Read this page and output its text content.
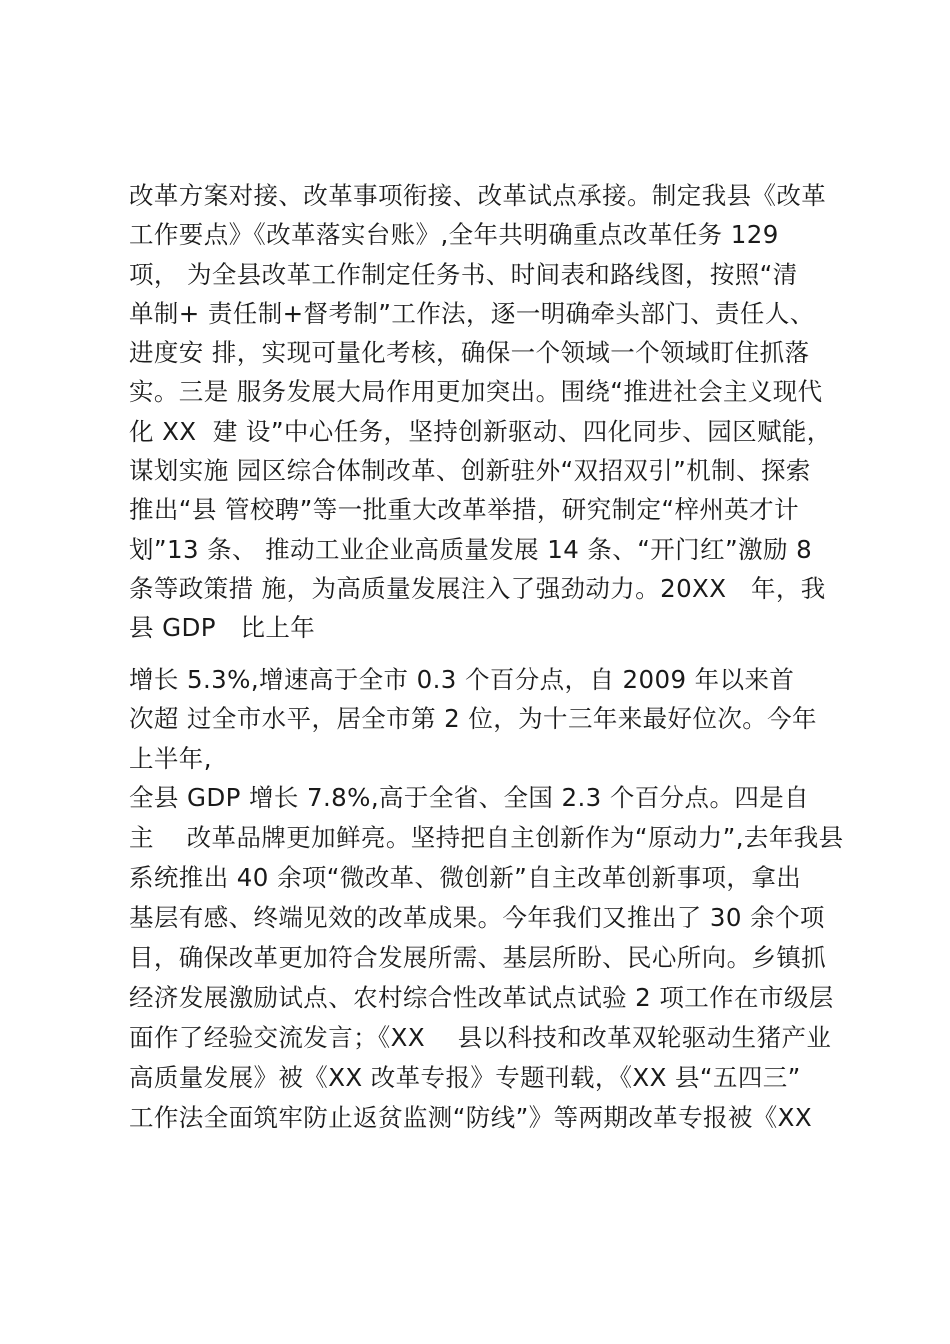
改革方案对接、改革事项衔接、改革试点承接。制定我县《改革
工作要点》《改革落实台账》,全年共明确重点改革任务 129
项， 为全县改革工作制定任务书、时间表和路线图，按照“清
单制+ 责任制+督考制”工作法，逐一明确牵头部门、责任人、
进度安 排，实现可量化考核，确保一个领域一个领域盯住抓落
实。三是 服务发展大局作用更加突出。围绕“推进社会主义现代
化 XX  建 设”中心任务，坚持创新驱动、四化同步、园区赋能，
谋划实施 园区综合体制改革、创新驻外“双招双引”机制、探索
推出“县 管校聘”等一批重大改革举措，研究制定“梓州英才计
划”13 条、 推动工业企业高质量发展 14 条、“开门红”激励 8
条等政策措 施，为高质量发展注入了强劲动力。20XX   年，我
县 GDP   比上年
增长 5.3%,增速高于全市 0.3 个百分点，自 2009 年以来首
次超 过全市水平，居全市第 2 位，为十三年来最好位次。今年
上半年,
全县 GDP 增长 7.8%,高于全省、全国 2.3 个百分点。四是自
主    改革品牌更加鲜亮。坚持把自主创新作为“原动力”,去年我县
系统推出 40 余项“微改革、微创新”自主改革创新事项，拿出
基层有感、终端见效的改革成果。今年我们又推出了 30 余个项
目，确保改革更加符合发展所需、基层所盼、民心所向。乡镇抓
经济发展激励试点、农村综合性改革试点试验 2 项工作在市级层
面作了经验交流发言；《XX    县以科技和改革双轮驱动生猪产业
高质量发展》被《XX 改革专报》专题刊载，《XX 县“五四三”
工作法全面筑牢防止返贫监测“防线”》等两期改革专报被《XX
